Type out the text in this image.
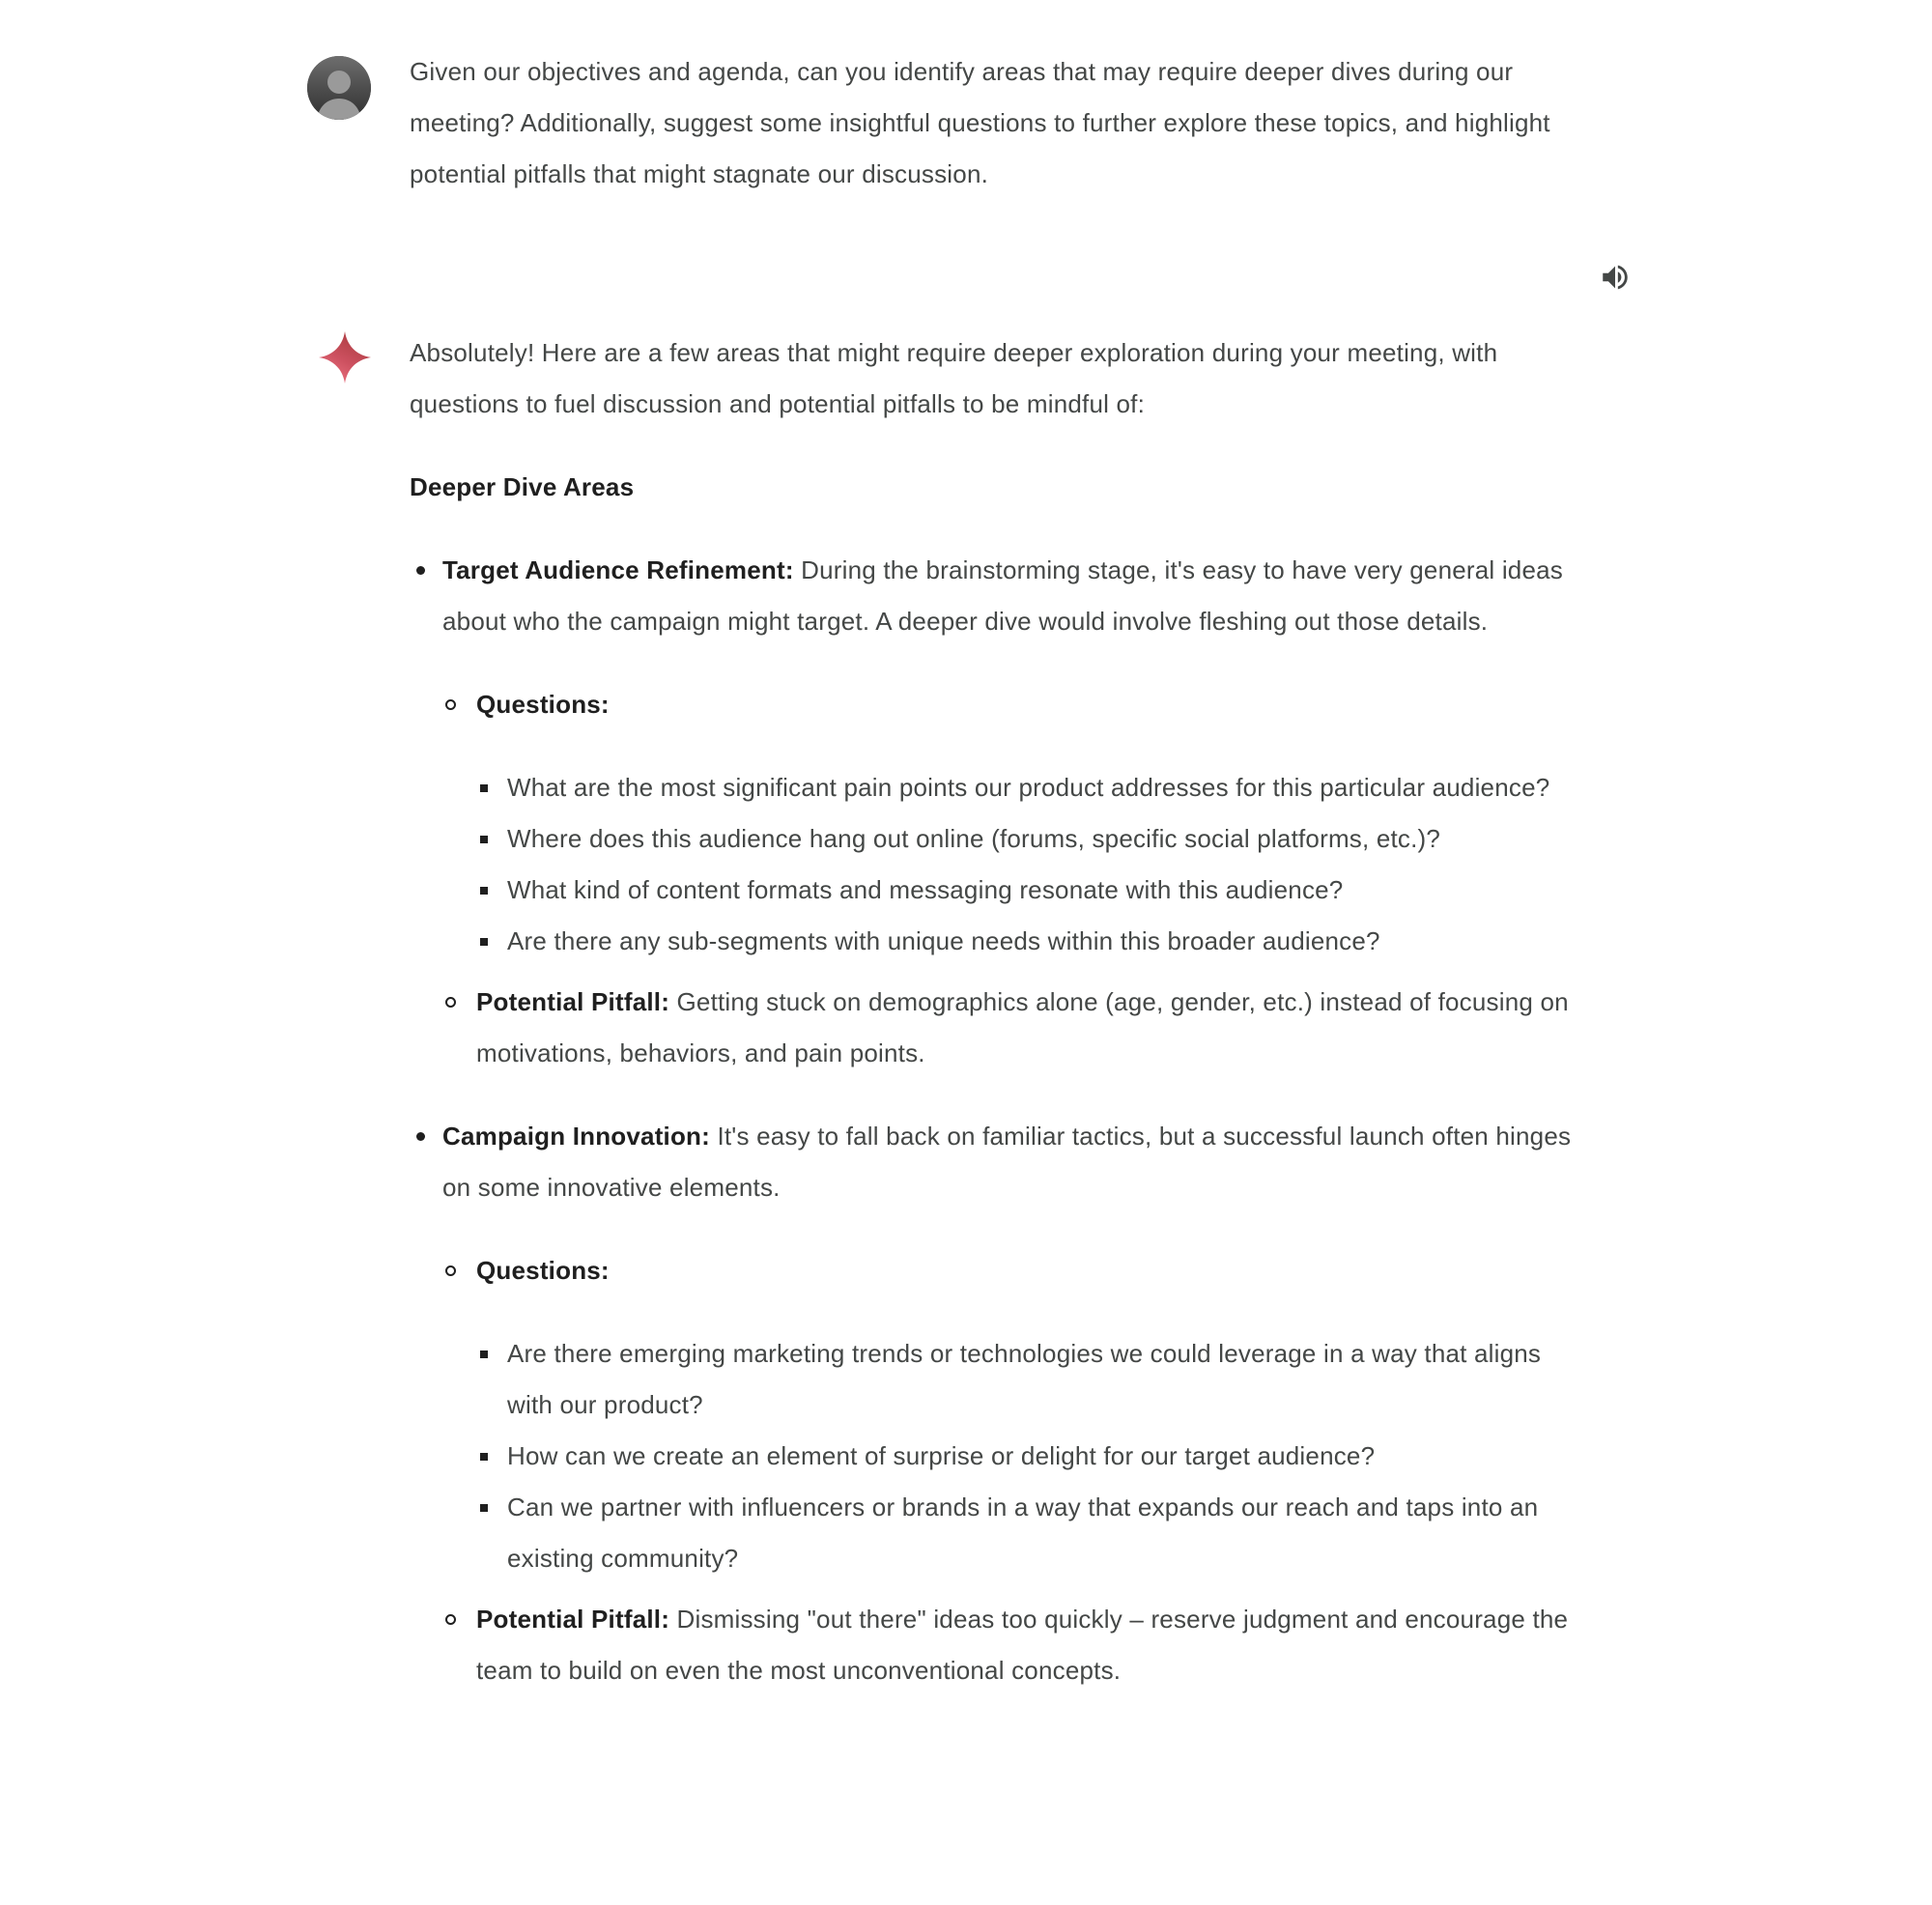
Given our objectives and agenda, can you identify areas that may require deeper dives during our meeting? Additionally, suggest some insightful questions to further explore these topics, and highlight potential pitfalls that might stagnate our discussion.

Absolutely! Here are a few areas that might require deeper exploration during your meeting, with questions to fuel discussion and potential pitfalls to be mindful of:

Deeper Dive Areas

Target Audience Refinement: During the brainstorming stage, it's easy to have very general ideas about who the campaign might target. A deeper dive would involve fleshing out those details.

Questions:
What are the most significant pain points our product addresses for this particular audience?
Where does this audience hang out online (forums, specific social platforms, etc.)?
What kind of content formats and messaging resonate with this audience?
Are there any sub-segments with unique needs within this broader audience?
Potential Pitfall: Getting stuck on demographics alone (age, gender, etc.) instead of focusing on motivations, behaviors, and pain points.

Campaign Innovation: It's easy to fall back on familiar tactics, but a successful launch often hinges on some innovative elements.

Questions:
Are there emerging marketing trends or technologies we could leverage in a way that aligns with our product?
How can we create an element of surprise or delight for our target audience?
Can we partner with influencers or brands in a way that expands our reach and taps into an existing community?
Potential Pitfall: Dismissing "out there" ideas too quickly – reserve judgment and encourage the team to build on even the most unconventional concepts.
